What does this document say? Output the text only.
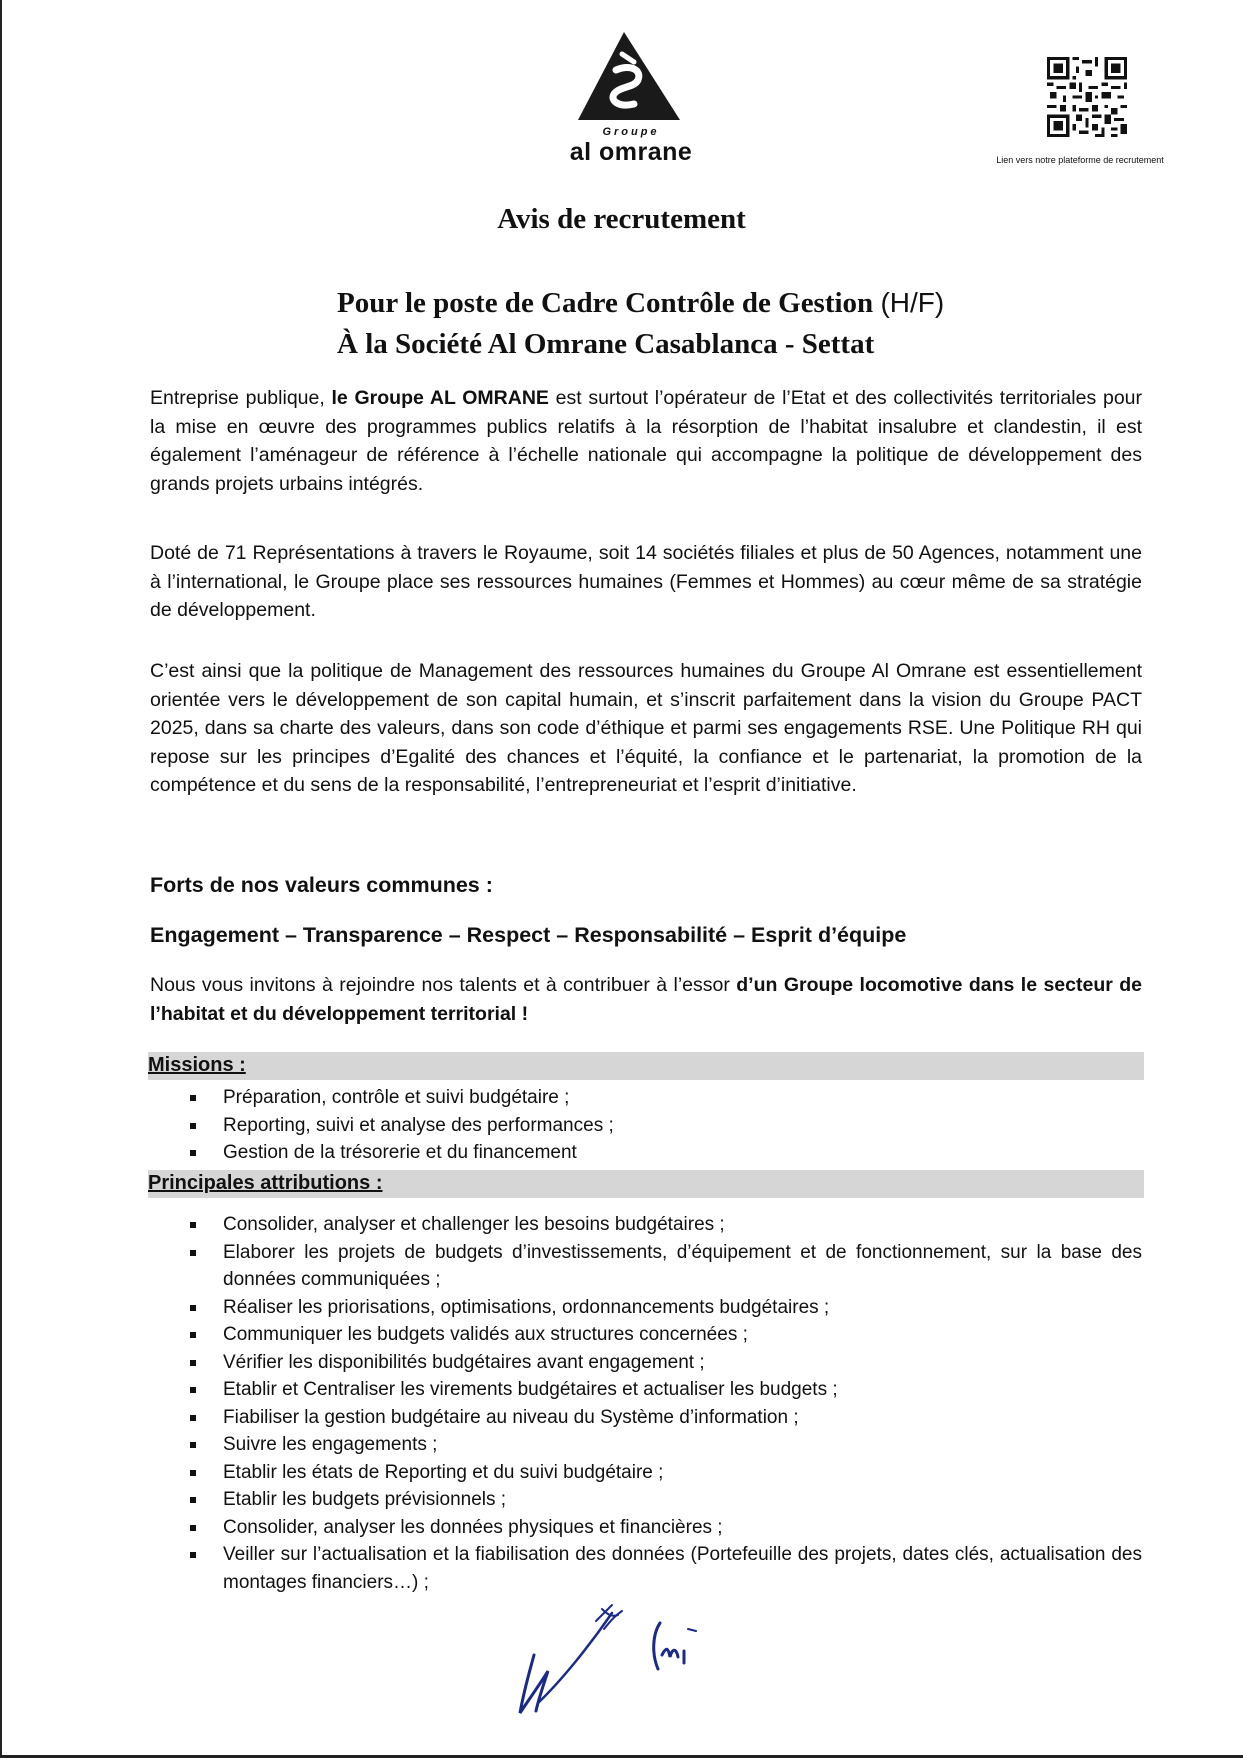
Groupe
al omrane	Lien vers notre plateforme de recrutement
Avis de recrutement
Pour le poste de Cadre Contrôle de Gestion (H/F)
À la Société Al Omrane Casablanca - Settat

Entreprise publique, le Groupe AL OMRANE est surtout l’opérateur de l’Etat et des collectivités territoriales pour la mise en œuvre des programmes publics relatifs à la résorption de l’habitat insalubre et clandestin, il est également l’aménageur de référence à l’échelle nationale qui accompagne la politique de développement des grands projets urbains intégrés.

Doté de 71 Représentations à travers le Royaume, soit 14 sociétés filiales et plus de 50 Agences, notamment une à l’international, le Groupe place ses ressources humaines (Femmes et Hommes) au cœur même de sa stratégie de développement.

C’est ainsi que la politique de Management des ressources humaines du Groupe Al Omrane est essentiellement orientée vers le développement de son capital humain, et s’inscrit parfaitement dans la vision du Groupe PACT 2025, dans sa charte des valeurs, dans son code d’éthique et parmi ses engagements RSE. Une Politique RH qui repose sur les principes d’Egalité des chances et l’équité, la confiance et le partenariat, la promotion de la compétence et du sens de la responsabilité, l’entrepreneuriat et l’esprit d’initiative.

Forts de nos valeurs communes :
Engagement – Transparence – Respect – Responsabilité – Esprit d’équipe

Nous vous invitons à rejoindre nos talents et à contribuer à l’essor d’un Groupe locomotive dans le secteur de l’habitat et du développement territorial !

Missions :
Préparation, contrôle et suivi budgétaire ;
Reporting, suivi et analyse des performances ;
Gestion de la trésorerie et du financement
Principales attributions :
Consolider, analyser et challenger les besoins budgétaires ;
Elaborer les projets de budgets d’investissements, d’équipement et de fonctionnement, sur la base des données communiquées ;
Réaliser les priorisations, optimisations, ordonnancements budgétaires ;
Communiquer les budgets validés aux structures concernées ;
Vérifier les disponibilités budgétaires avant engagement ;
Etablir et Centraliser les virements budgétaires et actualiser les budgets ;
Fiabiliser la gestion budgétaire au niveau du Système d’information ;
Suivre les engagements ;
Etablir les états de Reporting et du suivi budgétaire ;
Etablir les budgets prévisionnels ;
Consolider, analyser les données physiques et financières ;
Veiller sur l’actualisation et la fiabilisation des données (Portefeuille des projets, dates clés, actualisation des montages financiers…) ;
